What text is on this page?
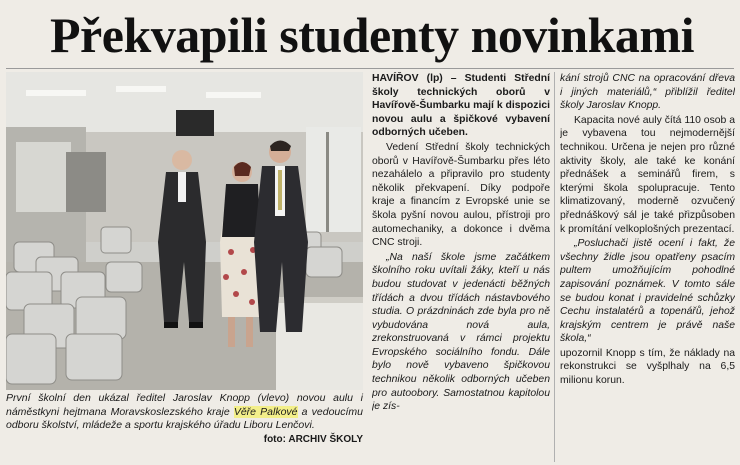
Překvapili studenty novinkami
První školní den ukázal ředitel Jaroslav Knopp (vlevo) novou aulu i náměstkyni hejtmana Moravskoslezského kraje Věře Palkové a vedoucímu odboru školství, mládeže a sportu krajského úřadu Liboru Lenčovi.
foto: ARCHIV ŠKOLY

HAVÍŘOV (lp) – Studenti Střední školy technických oborů v Havířově-Šumbarku mají k dispozici novou aulu a špičkové vybavení odborných učeben.

Vedení Střední školy technických oborů v Havířově-Šumbarku přes léto nezahálelo a připravilo pro studenty několik překvapení. Díky podpoře kraje a financím z Evropské unie se škola pyšní novou aulou, přístroji pro automechaniky, a dokonce i dvěma CNC stroji.

„Na naší škole jsme začátkem školního roku uvítali žáky, kteří u nás budou studovat v jedenácti běžných třídách a dvou třídách nástavbového studia. O prázdninách zde byla pro ně vybudována nová aula, zrekonstruovaná v rámci projektu Evropského sociálního fondu. Dále bylo nově vybaveno špičkovou technikou několik odborných učeben pro autoobory. Samostatnou kapitolou je zís-

kání strojů CNC na opracování dřeva i jiných materiálů,“ přiblížil ředitel školy Jaroslav Knopp.

Kapacita nové auly čítá 110 osob a je vybavena tou nejmodernější technikou. Určena je nejen pro různé aktivity školy, ale také ke konání přednášek a seminářů firem, s kterými škola spolupracuje. Tento klimatizovaný, moderně ozvučený přednáškový sál je také přizpůsoben k promítání velkoplošných prezentací.

„Posluchači jistě ocení i fakt, že všechny židle jsou opatřeny psacím pultem umožňujícím pohodlné zapisování poznámek. V tomto sále se budou konat i pravidelné schůzky Cechu instalatérů a topenářů, jehož krajským centrem je právě naše škola,“

upozornil Knopp s tím, že náklady na rekonstrukci se vyšplhaly na 6,5 milionu korun.
